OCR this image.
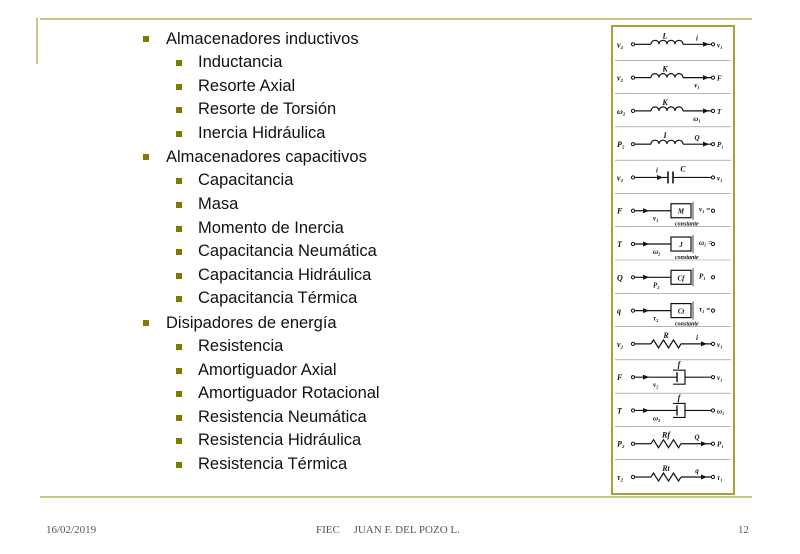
Almacenadores inductivos
Inductancia
Resorte Axial
Resorte de Torsión
Inercia Hidráulica
Almacenadores capacitivos
Capacitancia
Masa
Momento de Inercia
Capacitancia Neumática
Capacitancia Hidráulica
Capacitancia Térmica
Disipadores de energía
Resistencia
Amortiguador Axial
Amortiguador Rotacional
Resistencia Neumática
Resistencia Hidráulica
Resistencia Térmica
v₂
L	i
v₁
v₂
K
F
v₁
ω₂
K
T
ω₁
P₂
I	Q
P₁
v₂
i	C
v₁
F	M v₁ =
v₁
constante
T	J ω₁ =
ω₂
constante
Q	Cf P₁
P₂
q	Ct τ₁ =
τ₂
constante
v₂
R	i
v₁
F
f
v₂
v₁
T
f
ω₂
ω₁
P₂
Rf	Q
P₁
τ₂
Rt	q
τ₁
16/02/2019	FIEC     JUAN F. DEL POZO L.	12
